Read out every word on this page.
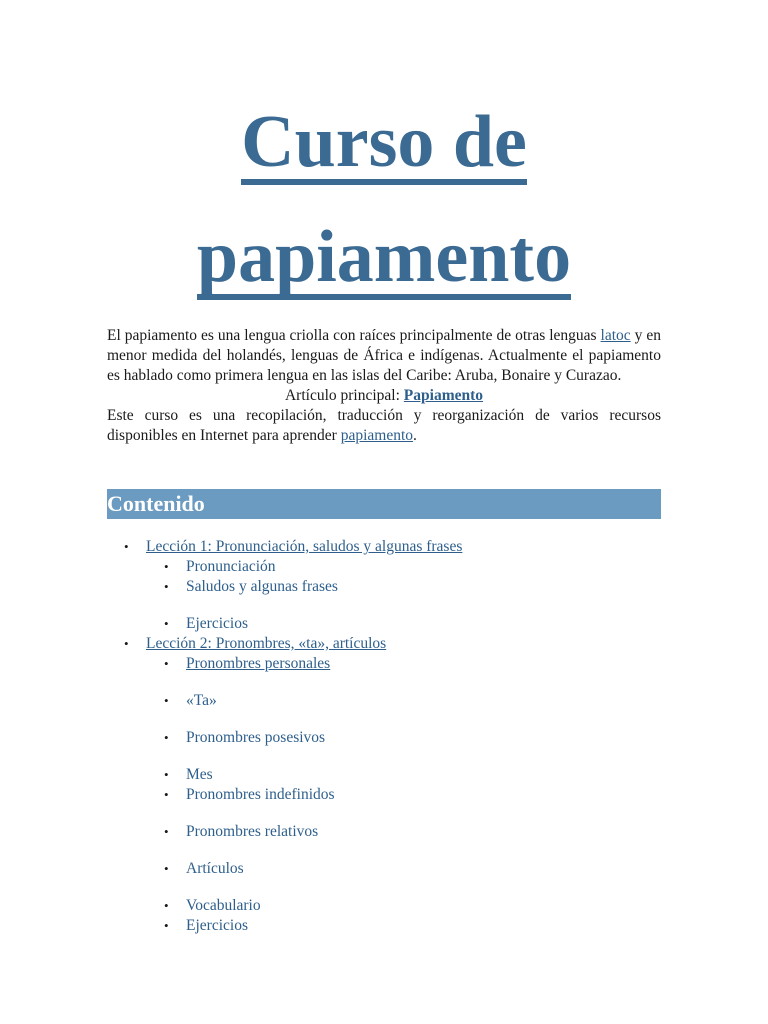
Curso de
papiamento

El papiamento es una lengua criolla con raíces principalmente de otras lenguas latoc y en menor medida del holandés, lenguas de África e indígenas. Actualmente el papiamento es hablado como primera lengua en las islas del Caribe: Aruba, Bonaire y Curazao.

Artículo principal: Papiamento

Este curso es una recopilación, traducción y reorganización de varios recursos disponibles en Internet para aprender papiamento.

Contenido
• Lección 1: Pronunciación, saludos y algunas frases
• Pronunciación
• Saludos y algunas frases
• Ejercicios
• Lección 2: Pronombres, «ta», artículos
• Pronombres personales
• «Ta»
• Pronombres posesivos
• Mes
• Pronombres indefinidos
• Pronombres relativos
• Artículos
• Vocabulario
• Ejercicios
